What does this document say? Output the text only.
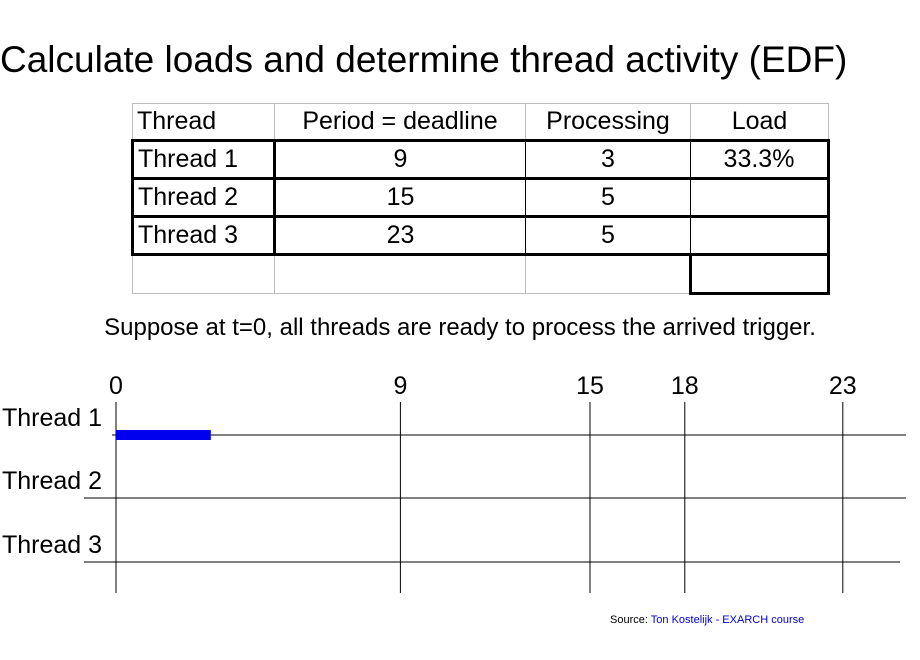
Calculate loads and determine thread activity (EDF)
Thread	Period = deadline	Processing	Load
Thread 1	9	3	33.3%
Thread 2	15	5	
Thread 3	23	5	

Suppose at t=0, all threads are ready to process the arrived trigger.
0	9	15	18	23
Thread 1
Thread 2
Thread 3
Source: Ton Kostelijk - EXARCH course
